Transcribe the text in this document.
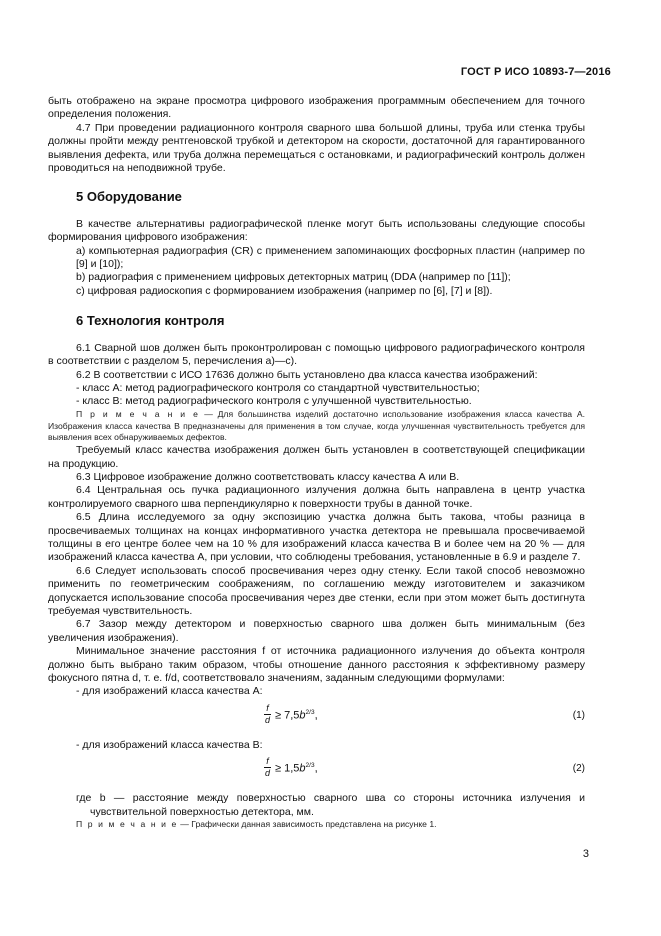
ГОСТ Р ИСО 10893-7—2016

быть отображено на экране просмотра цифрового изображения программным обеспечением для точного определения положения.

4.7 При проведении радиационного контроля сварного шва большой длины, труба или стенка трубы должны пройти между рентгеновской трубкой и детектором на скорости, достаточной для гарантированного выявления дефекта, или труба должна перемещаться с остановками, и радиографический контроль должен проводиться на неподвижной трубе.

5 Оборудование

В качестве альтернативы радиографической пленке могут быть использованы следующие способы формирования цифрового изображения:

а) компьютерная радиография (CR) с применением запоминающих фосфорных пластин (например по [9] и [10]);

b) радиография с применением цифровых детекторных матриц (DDA (например по [11]);

c) цифровая радиоскопия с формированием изображения (например по [6], [7] и [8]).

6 Технология контроля

6.1 Сварной шов должен быть проконтролирован с помощью цифрового радиографического контроля в соответствии с разделом 5, перечисления а)—с).

6.2 В соответствии с ИСО 17636 должно быть установлено два класса качества изображений:

- класс А: метод радиографического контроля со стандартной чувствительностью;

- класс В: метод радиографического контроля с улучшенной чувствительностью.

П р и м е ч а н и е — Для большинства изделий достаточно использование изображения класса качества А. Изображения класса качества В предназначены для применения в том случае, когда улучшенная чувствительность требуется для выявления всех обнаруживаемых дефектов.

Требуемый класс качества изображения должен быть установлен в соответствующей спецификации на продукцию.

6.3 Цифровое изображение должно соответствовать классу качества А или В.

6.4 Центральная ось пучка радиационного излучения должна быть направлена в центр участка контролируемого сварного шва перпендикулярно к поверхности трубы в данной точке.

6.5 Длина исследуемого за одну экспозицию участка должна быть такова, чтобы разница в просвечиваемых толщинах на концах информативного участка детектора не превышала просвечиваемой толщины в его центре более чем на 10 % для изображений класса качества В и более чем на 20 % — для изображений класса качества А, при условии, что соблюдены требования, установленные в 6.9 и разделе 7.

6.6 Следует использовать способ просвечивания через одну стенку. Если такой способ невозможно применить по геометрическим соображениям, по соглашению между изготовителем и заказчиком допускается использование способа просвечивания через две стенки, если при этом может быть достигнута требуемая чувствительность.

6.7 Зазор между детектором и поверхностью сварного шва должен быть минимальным (без увеличения изображения).

Минимальное значение расстояния f от источника радиационного излучения до объекта контроля должно быть выбрано таким образом, чтобы отношение данного расстояния к эффективному размеру фокусного пятна d, т. е. f/d, соответствовало значениям, заданным следующими формулами:

- для изображений класса качества А:

$\frac{f}{d} \ge 7,5b^{2/3}$,	(1)

- для изображений класса качества В:

$\frac{f}{d} \ge 1,5b^{2/3}$,	(2)

где b — расстояние между поверхностью сварного шва со стороны источника излучения и чувствительной поверхностью детектора, мм.

П р и м е ч а н и е — Графически данная зависимость представлена на рисунке 1.

3
